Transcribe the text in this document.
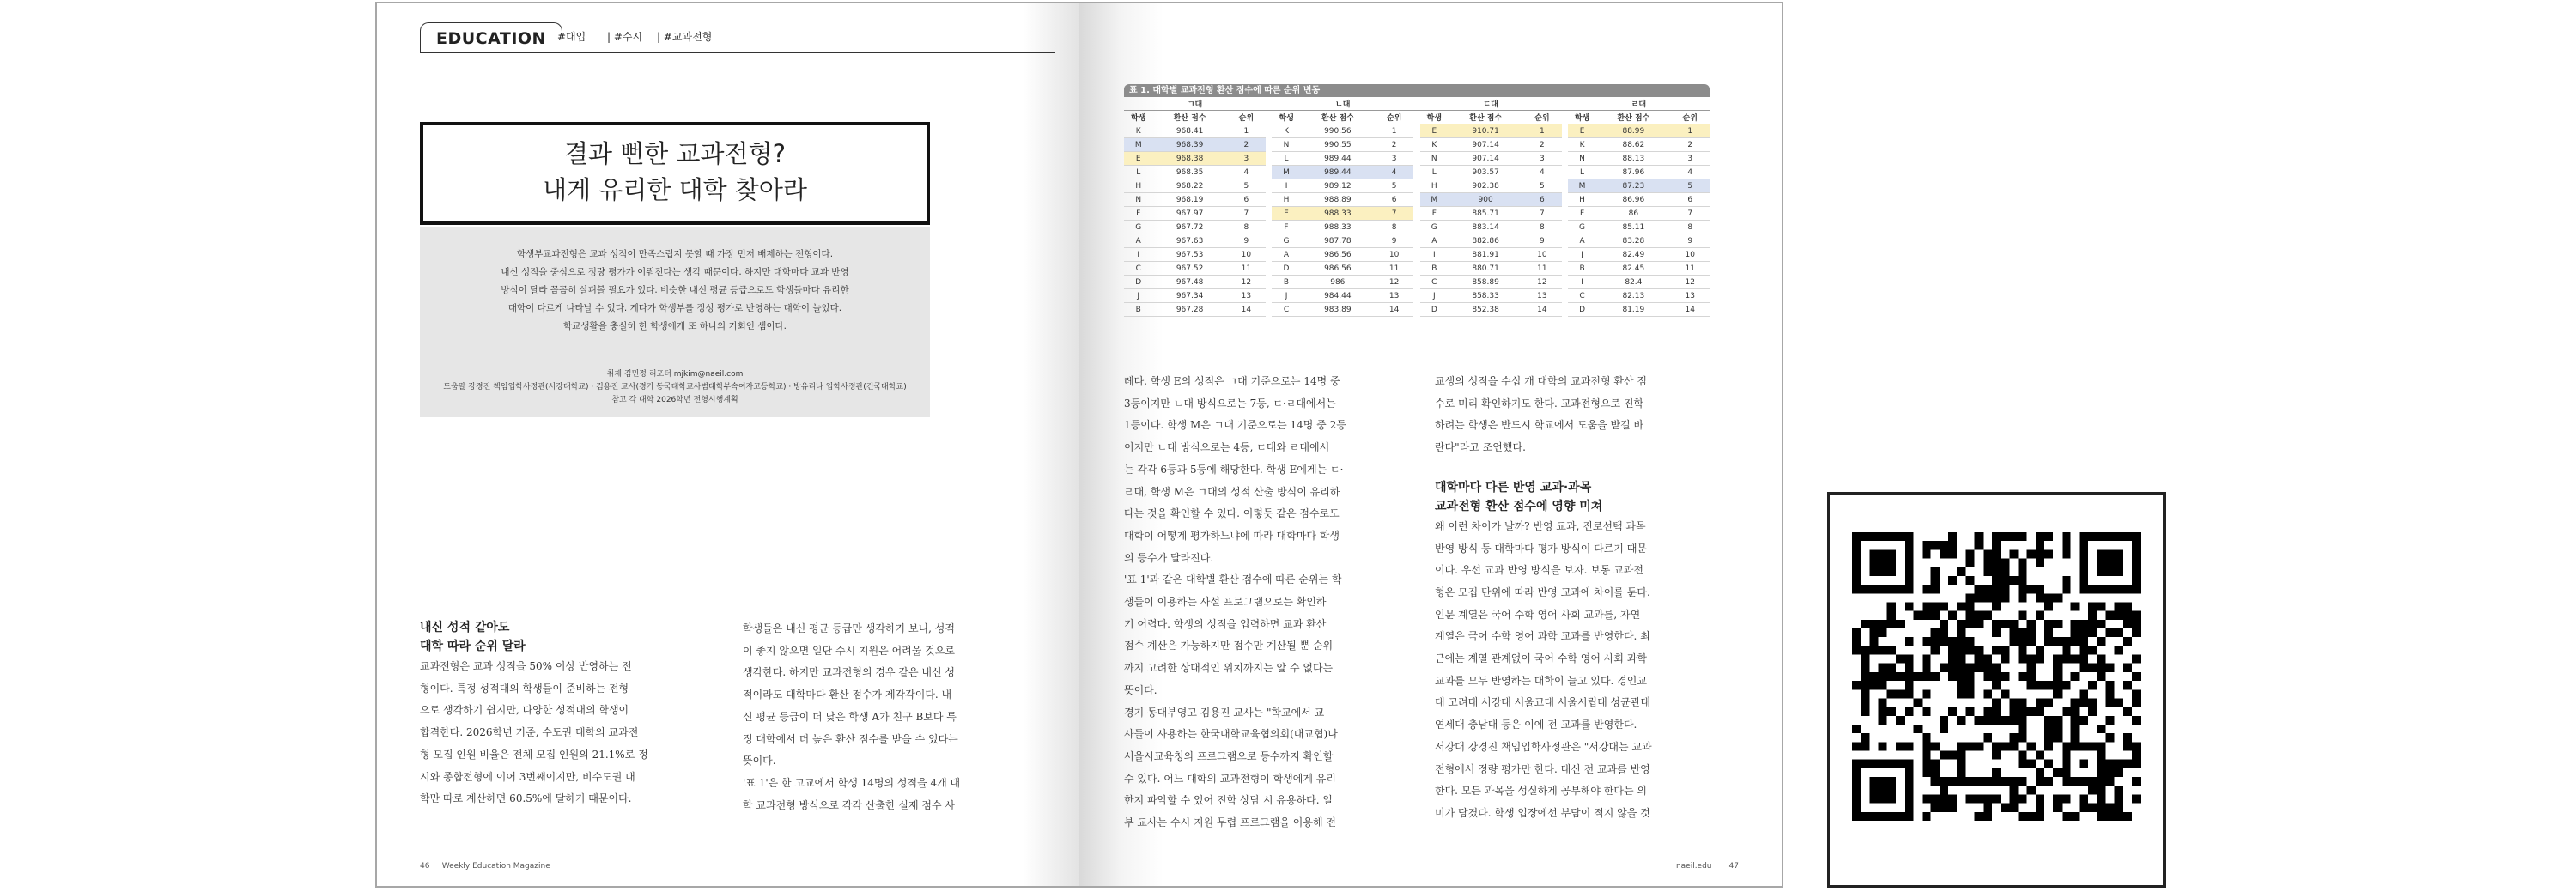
EDUCATION	#대입 | #수시 | #교과전형
결과 뻔한 교과전형?
내게 유리한 대학 찾아라
학생부교과전형은 교과 성적이 만족스럽지 못할 때 가장 먼저 배제하는 전형이다.
내신 성적을 중심으로 정량 평가가 이뤄진다는 생각 때문이다. 하지만 대학마다 교과 반영
방식이 달라 꼼꼼히 살펴볼 필요가 있다. 비슷한 내신 평균 등급으로도 학생들마다 유리한
대학이 다르게 나타날 수 있다. 게다가 학생부를 정성 평가로 반영하는 대학이 늘었다.
학교생활을 충실히 한 학생에게 또 하나의 기회인 셈이다.
취재 김민정 리포터 mjkim@naeil.com
도움말 강경진 책임입학사정관(서강대학교) · 김용진 교사(경기 동국대학교사범대학부속여자고등학교) · 방유리나 입학사정관(건국대학교)
참고 각 대학 2026학년 전형시행계획
내신 성적 같아도
대학 따라 순위 달라
교과전형은 교과 성적을 50% 이상 반영하는 전
형이다. 특정 성적대의 학생들이 준비하는 전형
으로 생각하기 쉽지만, 다양한 성적대의 학생이
합격한다. 2026학년 기준, 수도권 대학의 교과전
형 모집 인원 비율은 전체 모집 인원의 21.1%로 정
시와 종합전형에 이어 3번째이지만, 비수도권 대
학만 따로 계산하면 60.5%에 달하기 때문이다.
학생들은 내신 평균 등급만 생각하기 보니, 성적
이 좋지 않으면 일단 수시 지원은 어려울 것으로
생각한다. 하지만 교과전형의 경우 같은 내신 성
적이라도 대학마다 환산 점수가 제각각이다. 내
신 평균 등급이 더 낮은 학생 A가 친구 B보다 특
정 대학에서 더 높은 환산 점수를 받을 수 있다는
뜻이다.
'표 1'은 한 고교에서 학생 14명의 성적을 4개 대
학 교과전형 방식으로 각각 산출한 실제 점수 사
46 Weekly Education Magazine
표 1. 대학별 교과전형 환산 점수에 따른 순위 변동
ㄱ대				ㄴ대				ㄷ대				ㄹ대		
학생	환산 점수	순위		학생	환산 점수	순위		학생	환산 점수	순위		학생	환산 점수	순위
K	968.41	1		K	990.56	1		E	910.71	1		E	88.99	1
M	968.39	2		N	990.55	2		K	907.14	2		K	88.62	2
E	968.38	3		L	989.44	3		N	907.14	3		N	88.13	3
L	968.35	4		M	989.44	4		L	903.57	4		L	87.96	4
H	968.22	5		I	989.12	5		H	902.38	5		M	87.23	5
N	968.19	6		H	988.89	6		M	900	6		H	86.96	6
F	967.97	7		E	988.33	7		F	885.71	7		F	86	7
G	967.72	8		F	988.33	8		G	883.14	8		G	85.11	8
A	967.63	9		G	987.78	9		A	882.86	9		A	83.28	9
I	967.53	10		A	986.56	10		I	881.91	10		J	82.49	10
C	967.52	11		D	986.56	11		B	880.71	11		B	82.45	11
D	967.48	12		B	986	12		C	858.89	12		I	82.4	12
J	967.34	13		J	984.44	13		J	858.33	13		C	82.13	13
B	967.28	14		C	983.89	14		D	852.38	14		D	81.19	14
례다. 학생 E의 성적은 ㄱ대 기준으로는 14명 중
3등이지만 ㄴ대 방식으로는 7등, ㄷ·ㄹ대에서는
1등이다. 학생 M은 ㄱ대 기준으로는 14명 중 2등
이지만 ㄴ대 방식으로는 4등, ㄷ대와 ㄹ대에서
는 각각 6등과 5등에 해당한다. 학생 E에게는 ㄷ·
ㄹ대, 학생 M은 ㄱ대의 성적 산출 방식이 유리하
다는 것을 확인할 수 있다. 이렇듯 같은 점수로도
대학이 어떻게 평가하느냐에 따라 대학마다 학생
의 등수가 달라진다.
'표 1'과 같은 대학별 환산 점수에 따른 순위는 학
생들이 이용하는 사설 프로그램으로는 확인하
기 어렵다. 학생의 성적을 입력하면 교과 환산
점수 계산은 가능하지만 점수만 계산될 뿐 순위
까지 고려한 상대적인 위치까지는 알 수 없다는
뜻이다.
경기 동대부영고 김용진 교사는 "학교에서 교
사들이 사용하는 한국대학교육협의회(대교협)나
서울시교육청의 프로그램으로 등수까지 확인할
수 있다. 어느 대학의 교과전형이 학생에게 유리
한지 파악할 수 있어 진학 상담 시 유용하다. 일
부 교사는 수시 지원 무렵 프로그램을 이용해 전
교생의 성적을 수십 개 대학의 교과전형 환산 점
수로 미리 확인하기도 한다. 교과전형으로 진학
하려는 학생은 반드시 학교에서 도움을 받길 바
란다"라고 조언했다.
대학마다 다른 반영 교과·과목
교과전형 환산 점수에 영향 미쳐
왜 이런 차이가 날까? 반영 교과, 진로선택 과목
반영 방식 등 대학마다 평가 방식이 다르기 때문
이다. 우선 교과 반영 방식을 보자. 보통 교과전
형은 모집 단위에 따라 반영 교과에 차이를 둔다.
인문 계열은 국어 수학 영어 사회 교과를, 자연
계열은 국어 수학 영어 과학 교과를 반영한다. 최
근에는 계열 관계없이 국어 수학 영어 사회 과학
교과를 모두 반영하는 대학이 늘고 있다. 경인교
대 고려대 서강대 서울교대 서울시립대 성균관대
연세대 충남대 등은 이에 전 교과를 반영한다.
서강대 강경진 책임입학사정관은 "서강대는 교과
전형에서 정량 평가만 한다. 대신 전 교과를 반영
한다. 모든 과목을 성실하게 공부해야 한다는 의
미가 담겼다. 학생 입장에선 부담이 적지 않을 것
naeil.edu 47
